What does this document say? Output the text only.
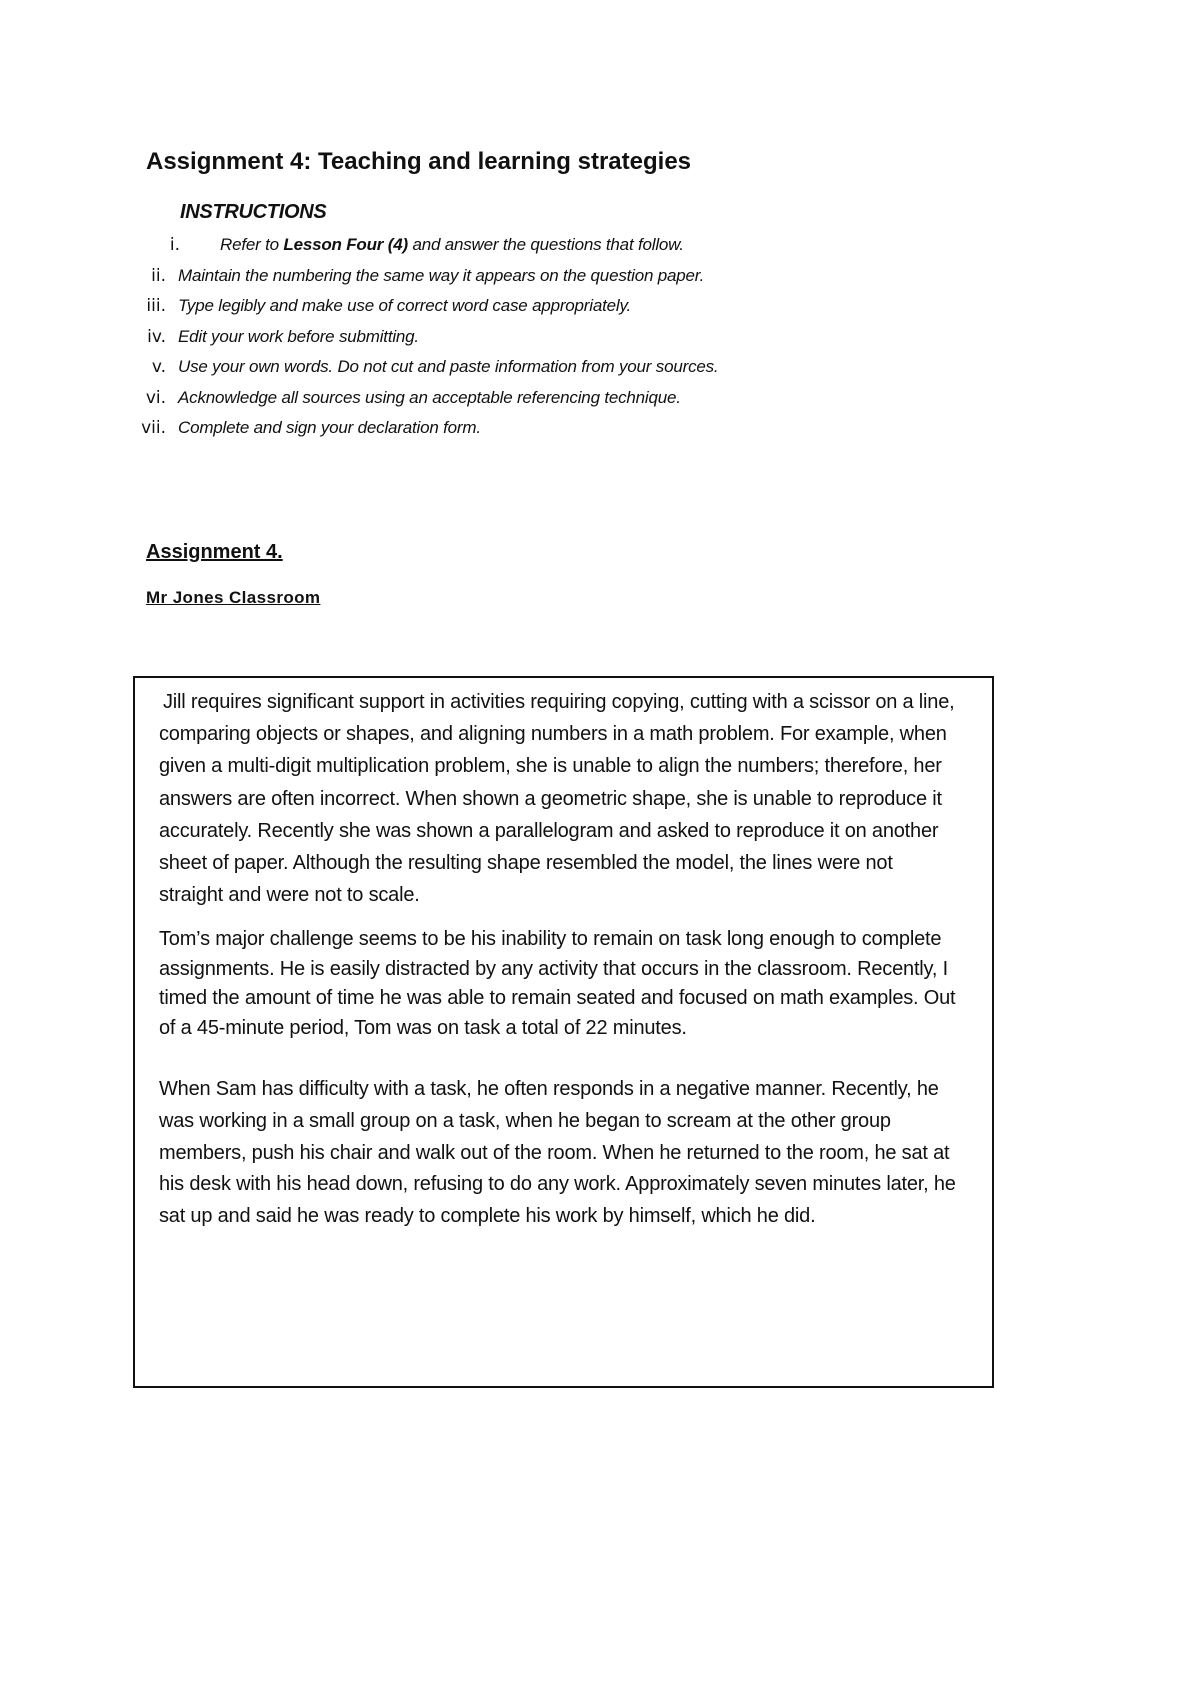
Assignment 4: Teaching and learning strategies
INSTRUCTIONS
i. Refer to Lesson Four (4) and answer the questions that follow.
ii. Maintain the numbering the same way it appears on the question paper.
iii. Type legibly and make use of correct word case appropriately.
iv. Edit your work before submitting.
v. Use your own words. Do not cut and paste information from your sources.
vi. Acknowledge all sources using an acceptable referencing technique.
vii. Complete and sign your declaration form.
Assignment 4.
Mr Jones Classroom

Jill requires significant support in activities requiring copying, cutting with a scissor on a line, comparing objects or shapes, and aligning numbers in a math problem. For example, when given a multi-digit multiplication problem, she is unable to align the numbers; therefore, her answers are often incorrect. When shown a geometric shape, she is unable to reproduce it accurately. Recently she was shown a parallelogram and asked to reproduce it on another sheet of paper. Although the resulting shape resembled the model, the lines were not straight and were not to scale.

Tom’s major challenge seems to be his inability to remain on task long enough to complete assignments. He is easily distracted by any activity that occurs in the classroom. Recently, I timed the amount of time he was able to remain seated and focused on math examples. Out of a 45-minute period, Tom was on task a total of 22 minutes.

When Sam has difficulty with a task, he often responds in a negative manner. Recently, he was working in a small group on a task, when he began to scream at the other group members, push his chair and walk out of the room. When he returned to the room, he sat at his desk with his head down, refusing to do any work. Approximately seven minutes later, he sat up and said he was ready to complete his work by himself, which he did.
